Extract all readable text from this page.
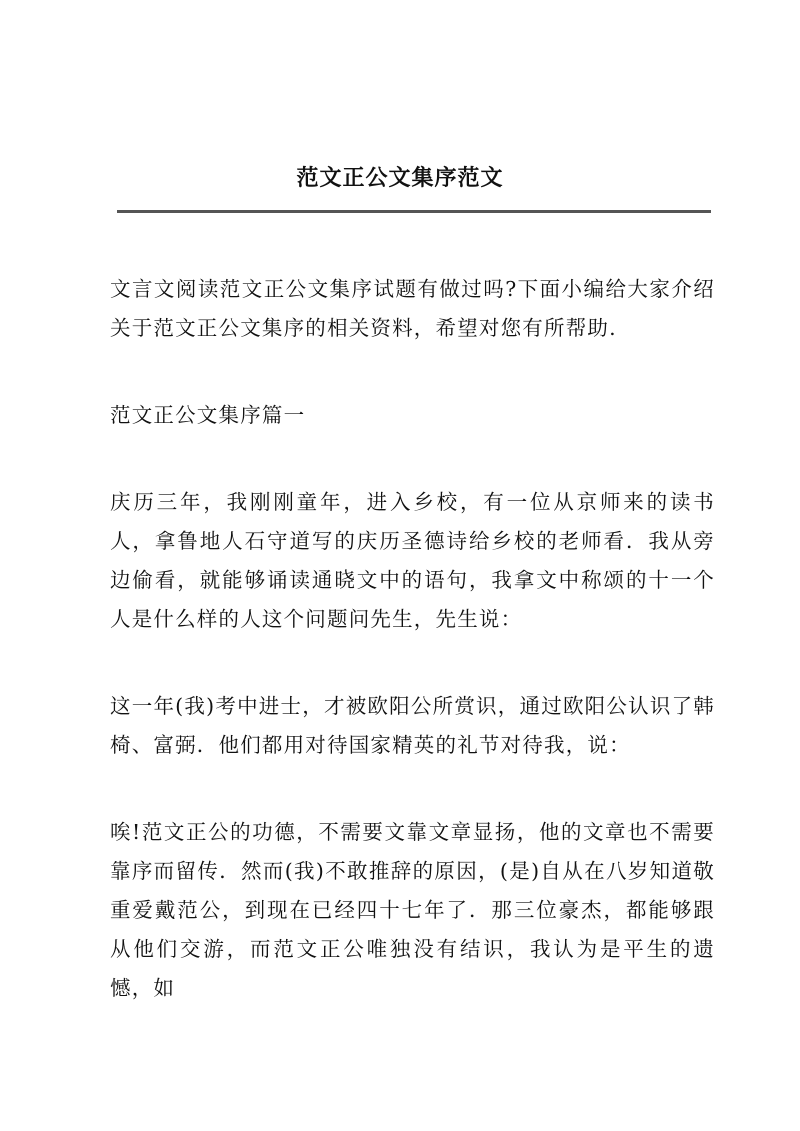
范文正公文集序范文

文言文阅读范文正公文集序试题有做过吗?下面小编给大家介绍关于范文正公文集序的相关资料，希望对您有所帮助.

范文正公文集序篇一

庆历三年，我刚刚童年，进入乡校，有一位从京师来的读书人，拿鲁地人石守道写的庆历圣德诗给乡校的老师看．我从旁边偷看，就能够诵读通晓文中的语句，我拿文中称颂的十一个人是什么样的人这个问题问先生，先生说：

这一年(我)考中进士，才被欧阳公所赏识，通过欧阳公认识了韩椅、富弼．他们都用对待国家精英的礼节对待我，说：

唉!范文正公的功德，不需要文靠文章显扬，他的文章也不需要靠序而留传．然而(我)不敢推辞的原因，(是)自从在八岁知道敬重爱戴范公，到现在已经四十七年了．那三位豪杰，都能够跟从他们交游，而范文正公唯独没有结识，我认为是平生的遗憾，如
